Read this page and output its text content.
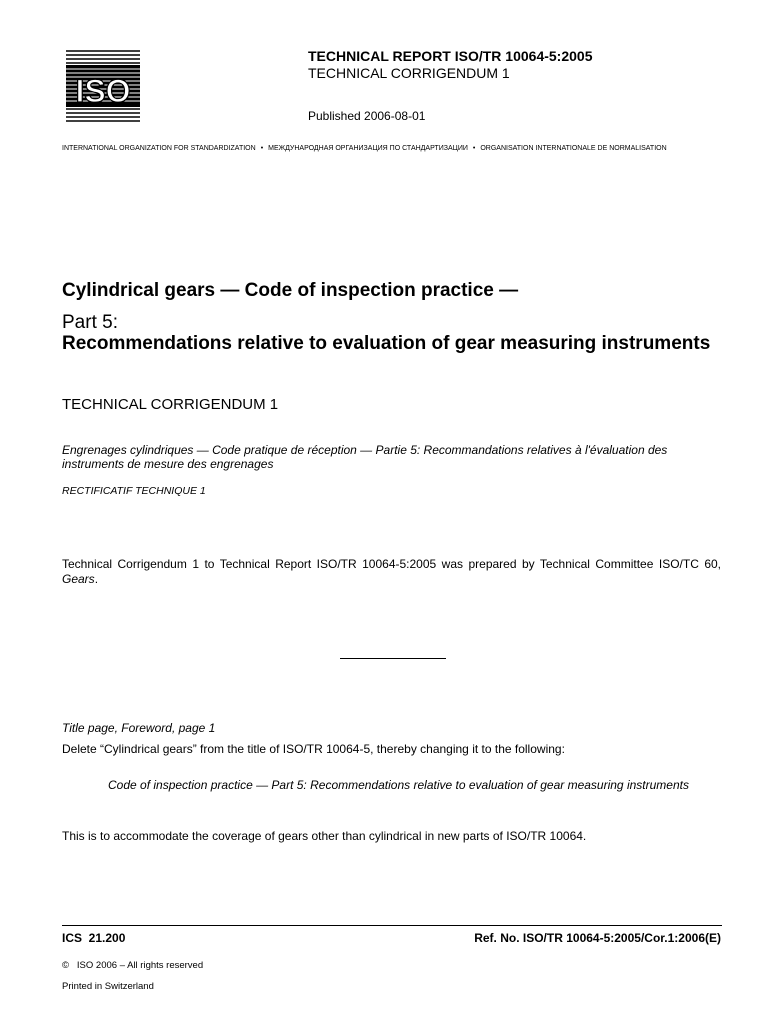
ISO
TECHNICAL REPORT ISO/TR 10064-5:2005
TECHNICAL CORRIGENDUM 1
Published 2006-08-01
INTERNATIONAL ORGANIZATION FOR STANDARDIZATION • МЕЖДУНАРОДНАЯ ОРГАНИЗАЦИЯ ПО СТАНДАРТИЗАЦИИ • ORGANISATION INTERNATIONALE DE NORMALISATION
Cylindrical gears — Code of inspection practice —
Part 5:
Recommendations relative to evaluation of gear measuring instruments
TECHNICAL CORRIGENDUM 1
Engrenages cylindriques — Code pratique de réception — Partie 5: Recommandations relatives à l'évaluation des instruments de mesure des engrenages
RECTIFICATIF TECHNIQUE 1
Technical Corrigendum 1 to Technical Report ISO/TR 10064-5:2005 was prepared by Technical Committee ISO/TC 60, Gears.
Title page, Foreword, page 1
Delete “Cylindrical gears” from the title of ISO/TR 10064-5, thereby changing it to the following:
Code of inspection practice — Part 5: Recommendations relative to evaluation of gear measuring instruments
This is to accommodate the coverage of gears other than cylindrical in new parts of ISO/TR 10064.
ICS  21.200	Ref. No. ISO/TR 10064-5:2005/Cor.1:2006(E)
©   ISO 2006 – All rights reserved
Printed in Switzerland
